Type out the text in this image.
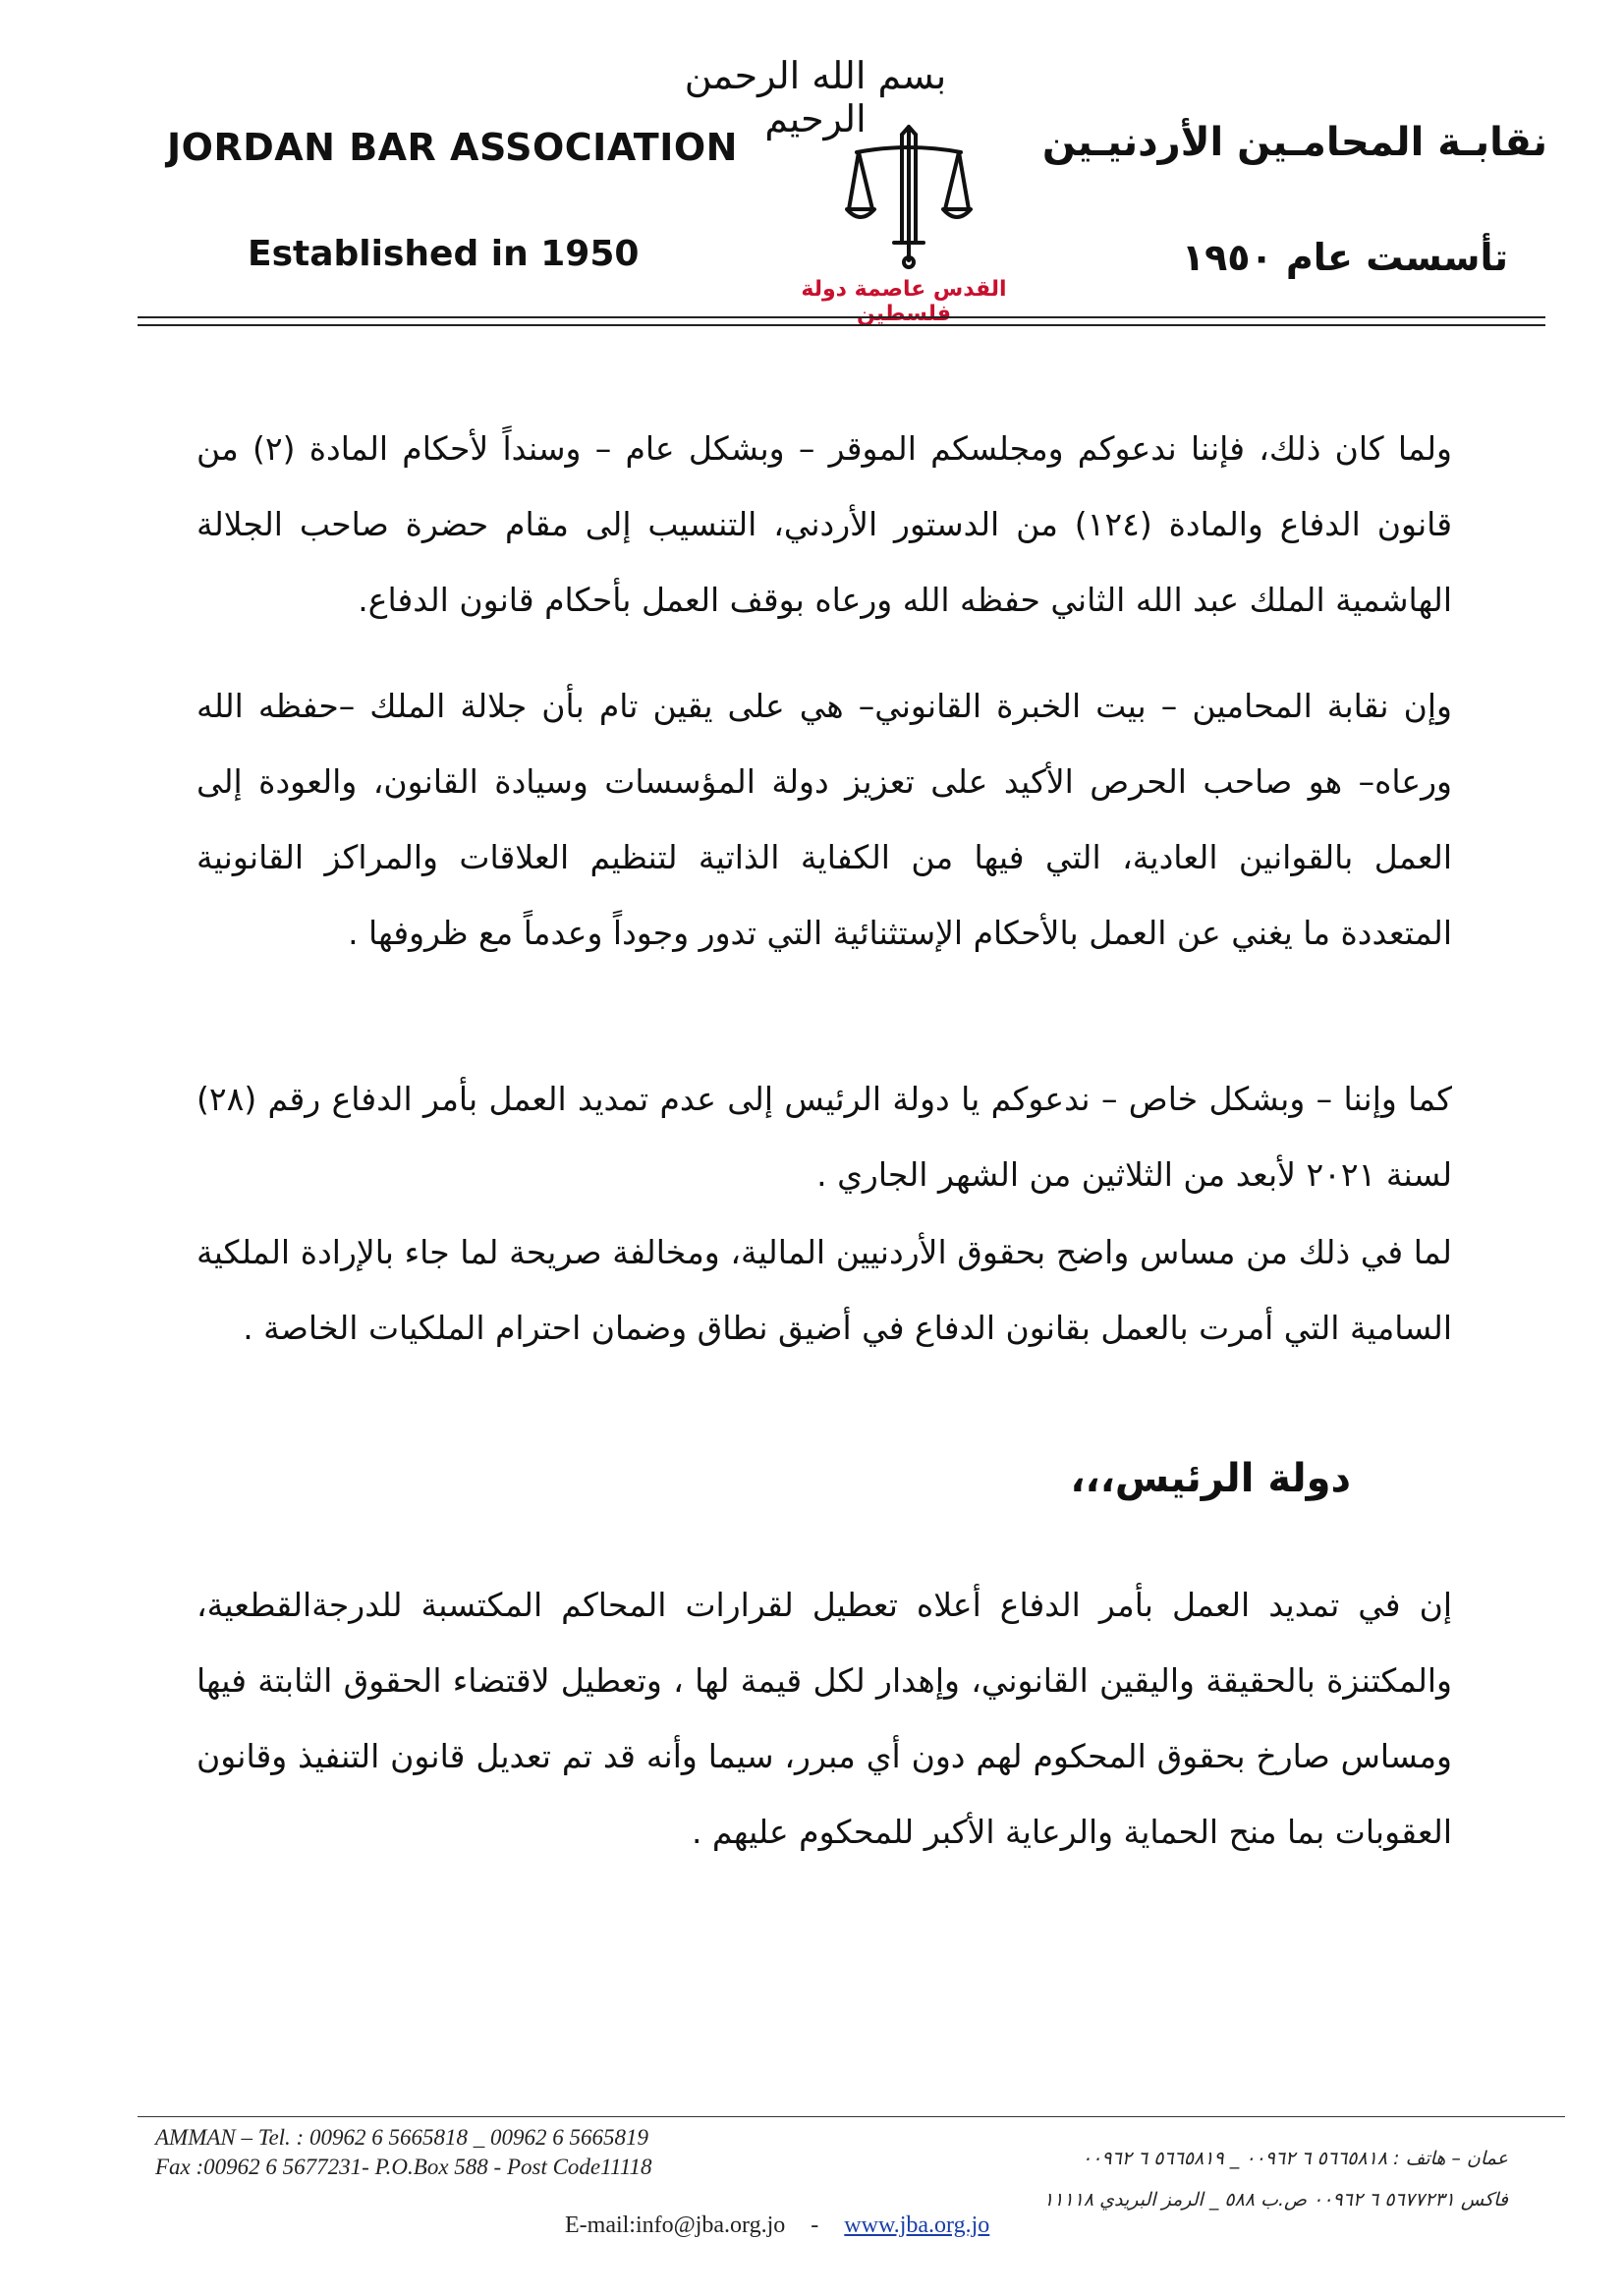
بسم الله الرحمن الرحيم
JORDAN BAR ASSOCIATION
Established in 1950
نقابـة المحامـين الأردنيـين
تأسست عام ١٩٥٠
القدس عاصمة دولة فلسطين
ولما كان ذلك، فإننا ندعوكم ومجلسكم الموقر – وبشكل عام – وسنداً لأحكام المادة (٢) من قانون الدفاع والمادة (١٢٤) من الدستور الأردني، التنسيب إلى مقام حضرة صاحب الجلالة الهاشمية الملك عبد الله الثاني حفظه الله ورعاه بوقف العمل بأحكام قانون الدفاع.
وإن نقابة المحامين – بيت الخبرة القانوني– هي على يقين تام بأن جلالة الملك –حفظه الله ورعاه– هو صاحب الحرص الأكيد على تعزيز دولة المؤسسات وسيادة القانون، والعودة إلى العمل بالقوانين العادية، التي فيها من الكفاية الذاتية لتنظيم العلاقات والمراكز القانونية المتعددة ما يغني عن العمل بالأحكام الإستثنائية التي تدور وجوداً وعدماً مع ظروفها .
كما وإننا – وبشكل خاص – ندعوكم يا دولة الرئيس إلى عدم تمديد العمل بأمر الدفاع رقم (٢٨) لسنة ٢٠٢١ لأبعد من الثلاثين من الشهر الجاري .
لما في ذلك من مساس واضح بحقوق الأردنيين المالية، ومخالفة صريحة لما جاء بالإرادة الملكية السامية التي أمرت بالعمل بقانون الدفاع في أضيق نطاق وضمان احترام الملكيات الخاصة .
دولة الرئيس،،،
إن في تمديد العمل بأمر الدفاع أعلاه تعطيل لقرارات المحاكم المكتسبة للدرجةالقطعية، والمكتنزة بالحقيقة واليقين القانوني، وإهدار لكل قيمة لها ، وتعطيل لاقتضاء الحقوق الثابتة فيها ومساس صارخ بحقوق المحكوم لهم دون أي مبرر، سيما وأنه قد تم تعديل قانون التنفيذ وقانون العقوبات بما منح الحماية والرعاية الأكبر للمحكوم عليهم .
AMMAN – Tel. : 00962 6 5665818 _ 00962 6 5665819
Fax :00962 6 5677231- P.O.Box 588 - Post Code11118	عمان – هاتف : ٥٦٦٥٨١٨ ٦ ٠٠٩٦٢ _ ٥٦٦٥٨١٩ ٦ ٠٠٩٦٢
فاكس ٥٦٧٧٢٣١ ٦ ٠٠٩٦٢ ص.ب ٥٨٨ _ الرمز البريدي ١١١١٨
E-mail:info@jba.org.jo - www.jba.org.jo
